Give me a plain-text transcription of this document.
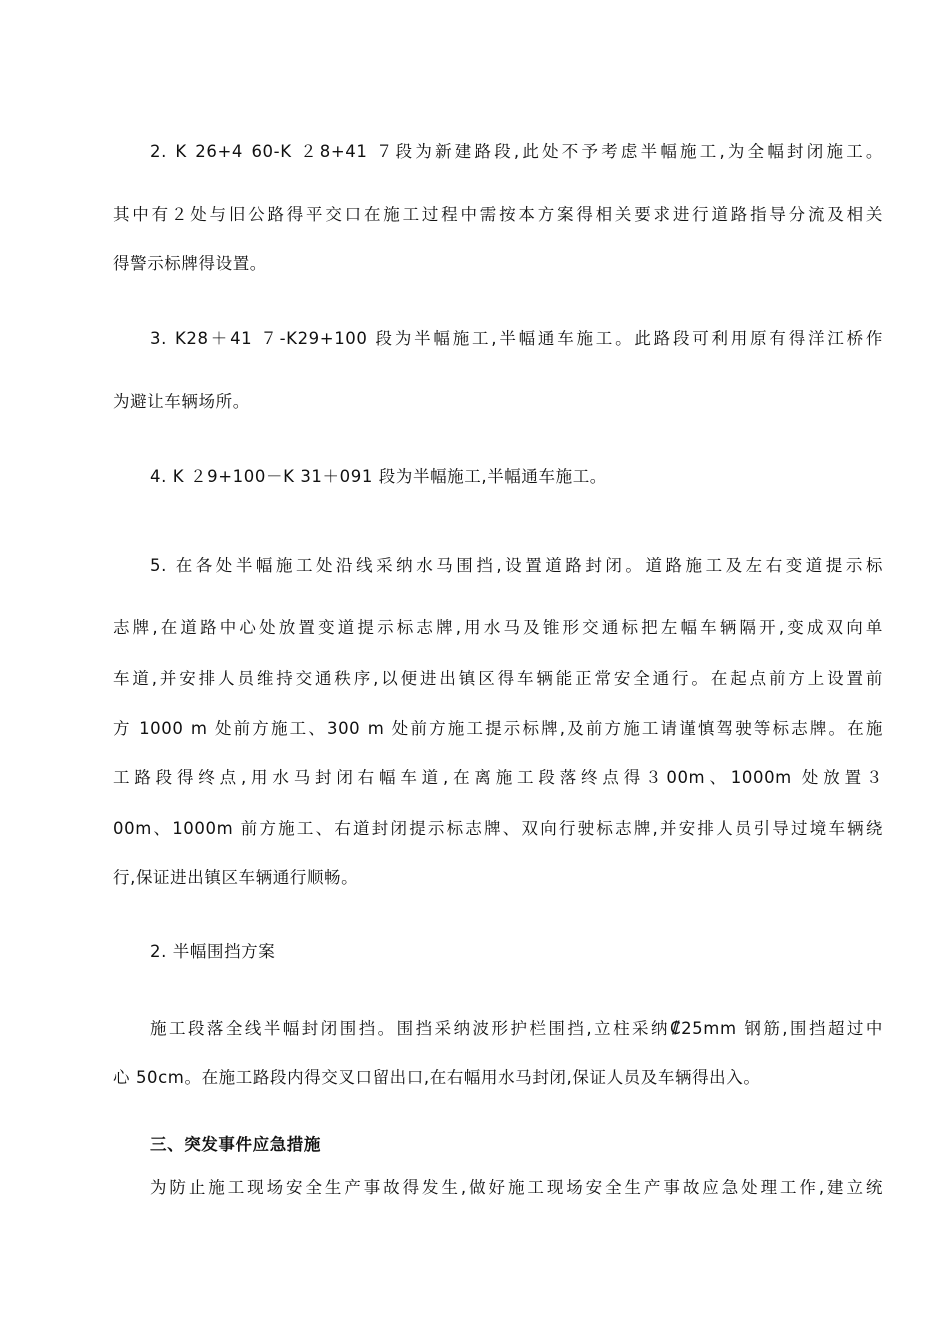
2. K 26+4 60-K ２8+41 ７段为新建路段,此处不予考虑半幅施工,为全幅封闭施工。
其中有２处与旧公路得平交口在施工过程中需按本方案得相关要求进行道路指导分流及相关
得警示标牌得设置。
3. K28＋41 ７-K29+100 段为半幅施工,半幅通车施工。此路段可利用原有得洋江桥作
为避让车辆场所。
4. K ２9+100－K 31＋091 段为半幅施工,半幅通车施工。
5. 在各处半幅施工处沿线采纳水马围挡,设置道路封闭。道路施工及左右变道提示标
志牌,在道路中心处放置变道提示标志牌,用水马及锥形交通标把左幅车辆隔开,变成双向单
车道,并安排人员维持交通秩序,以便进出镇区得车辆能正常安全通行。在起点前方上设置前
方 1000 m 处前方施工、300 m 处前方施工提示标牌,及前方施工请谨慎驾驶等标志牌。在施
工路段得终点,用水马封闭右幅车道,在离施工段落终点得３00m、1000m 处放置３
00m、1000m 前方施工、右道封闭提示标志牌、双向行驶标志牌,并安排人员引导过境车辆绕
行,保证进出镇区车辆通行顺畅。
2. 半幅围挡方案
施工段落全线半幅封闭围挡。围挡采纳波形护栏围挡,立柱采纳₡25mm 钢筋,围挡超过中
心 50cm。在施工路段内得交叉口留出口,在右幅用水马封闭,保证人员及车辆得出入。
三、突发事件应急措施
为防止施工现场安全生产事故得发生,做好施工现场安全生产事故应急处理工作,建立统
